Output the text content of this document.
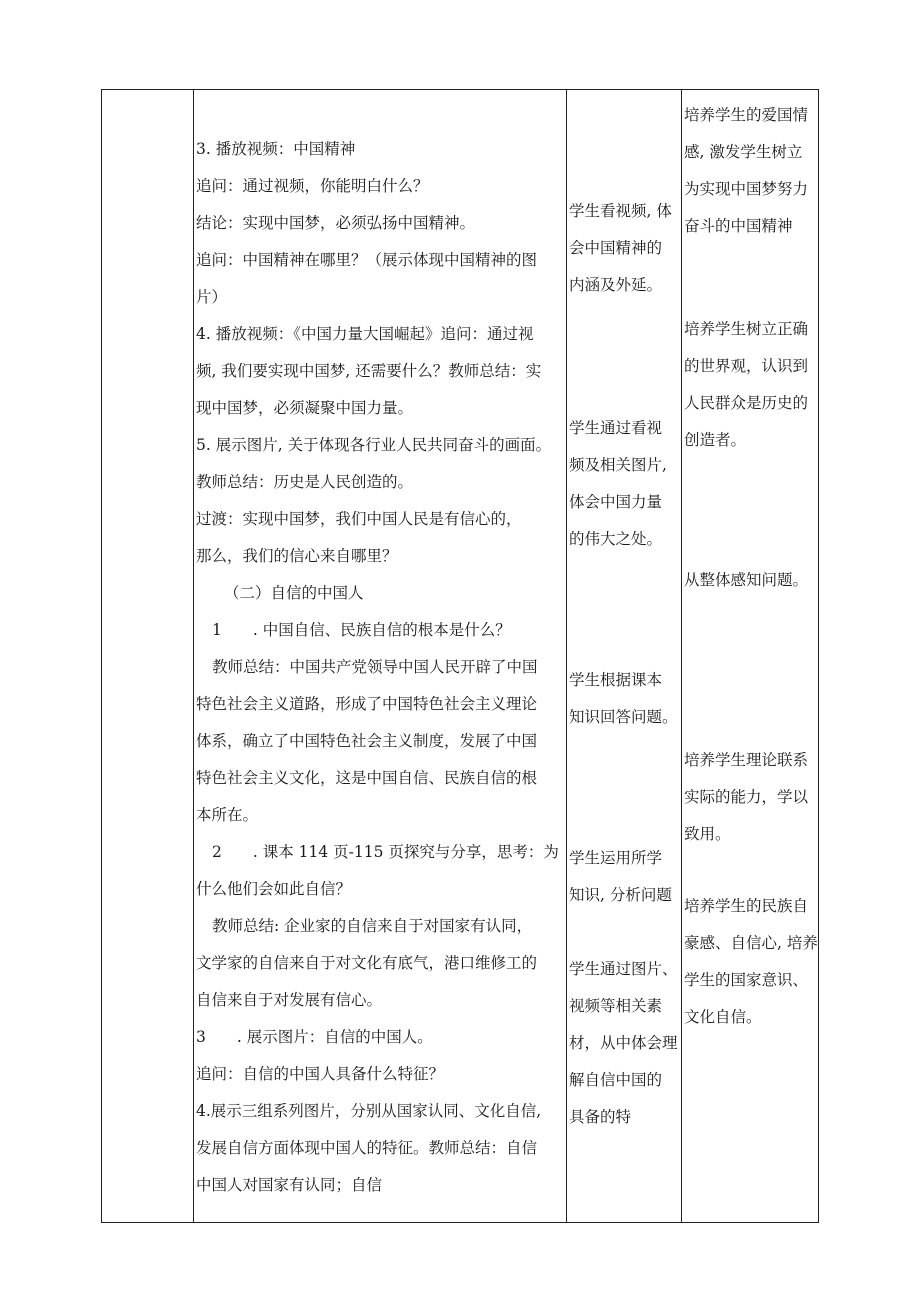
3. 播放视频：中国精神
追问：通过视频，你能明白什么？
结论：实现中国梦，必须弘扬中国精神。
追问：中国精神在哪里？（展示体现中国精神的图
片）
4. 播放视频：《中国力量大国崛起》追问：通过视
频, 我们要实现中国梦, 还需要什么？教师总结：实
现中国梦，必须凝聚中国力量。
5. 展示图片, 关于体现各行业人民共同奋斗的画面。
教师总结：历史是人民创造的。
过渡：实现中国梦，我们中国人民是有信心的，
那么，我们的信心来自哪里？
（二）自信的中国人
1　　. 中国自信、民族自信的根本是什么？
教师总结：中国共产党领导中国人民开辟了中国
特色社会主义道路，形成了中国特色社会主义理论
体系，确立了中国特色社会主义制度，发展了中国
特色社会主义文化，这是中国自信、民族自信的根
本所在。
2　　. 课本 114 页-115 页探究与分享，思考：为
什么他们会如此自信？
教师总结: 企业家的自信来自于对国家有认同，
文学家的自信来自于对文化有底气，港口维修工的
自信来自于对发展有信心。
3　　. 展示图片：自信的中国人。
追问：自信的中国人具备什么特征？
4.展示三组系列图片，分别从国家认同、文化自信,
发展自信方面体现中国人的特征。教师总结：自信
中国人对国家有认同；自信
学生看视频, 体
会中国精神的
内涵及外延。
学生通过看视
频及相关图片,
体会中国力量
的伟大之处。
学生根据课本
知识回答问题。
学生运用所学
知识, 分析问题
学生通过图片、
视频等相关素
材，从中体会理
解自信中国的
具备的特
培养学生的爱国情
感, 激发学生树立
为实现中国梦努力
奋斗的中国精神
培养学生树立正确
的世界观，认识到
人民群众是历史的
创造者。
从整体感知问题。
培养学生理论联系
实际的能力，学以
致用。
培养学生的民族自
豪感、自信心, 培养
学生的国家意识、
文化自信。
